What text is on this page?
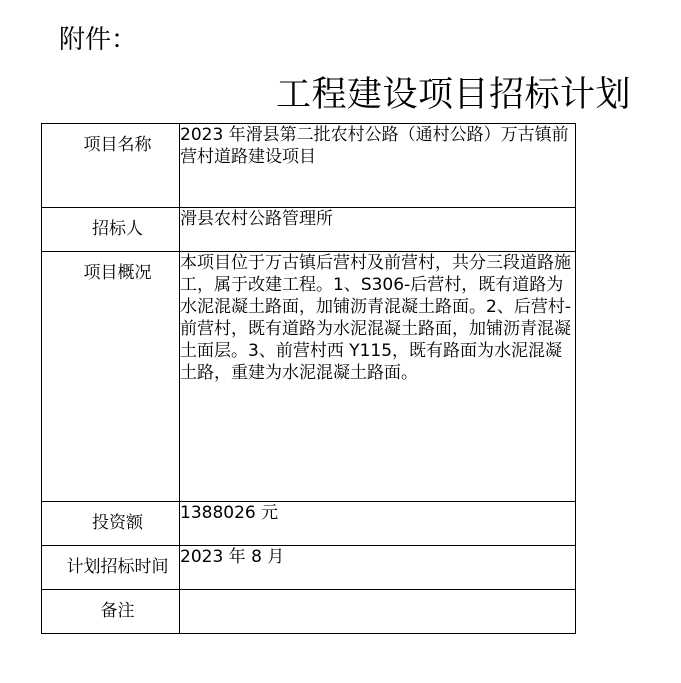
附件：
工程建设项目招标计划
项目名称	2023 年滑县第二批农村公路（通村公路）万古镇前营村道路建设项目

招标人	滑县农村公路管理所

项目概况	本项目位于万古镇后营村及前营村，共分三段道路施工，属于改建工程。1、S306-后营村，既有道路为水泥混凝土路面，加铺沥青混凝土路面。2、后营村-前营村，既有道路为水泥混凝土路面，加铺沥青混凝土面层。3、前营村西 Y115，既有路面为水泥混凝土路，重建为水泥混凝土路面。

投资额	1388026 元

计划招标时间	2023 年 8 月

备注	
